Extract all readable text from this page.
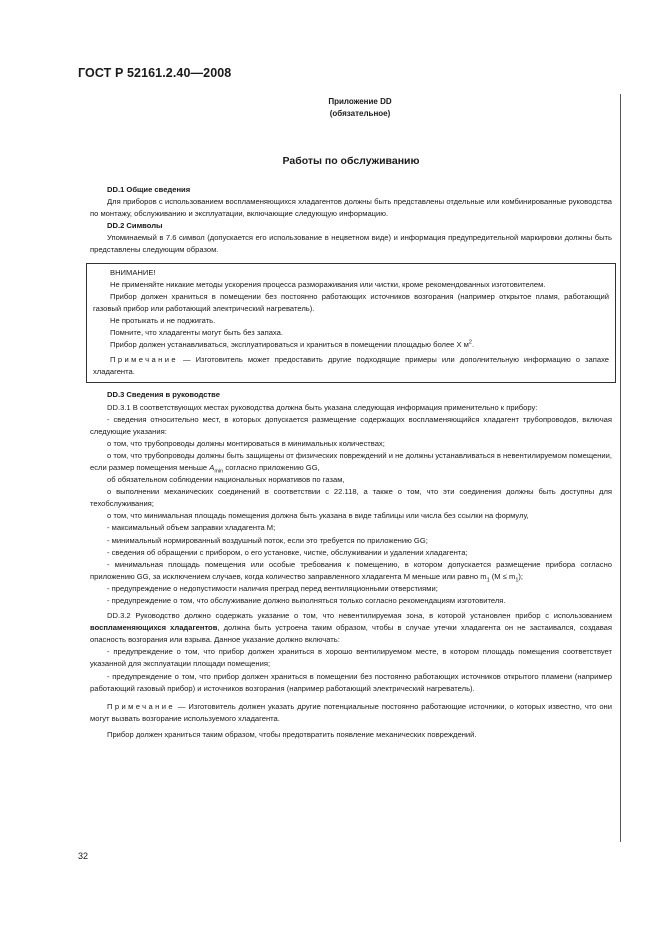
ГОСТ Р 52161.2.40—2008
Приложение DD
(обязательное)
Работы по обслуживанию

DD.1 Общие сведения

Для приборов с использованием воспламеняющихся хладагентов должны быть представлены отдельные или комбинированные руководства по монтажу, обслуживанию и эксплуатации, включающие следующую информацию.

DD.2 Символы

Упоминаемый в 7.6 символ (допускается его использование в нецветном виде) и информация предупредительной маркировки должны быть представлены следующим образом.

ВНИМАНИЕ!

Не применяйте никакие методы ускорения процесса размораживания или чистки, кроме рекомендованных изготовителем.

Прибор должен храниться в помещении без постоянно работающих источников возгорания (например открытое пламя, работающий газовый прибор или работающий электрический нагреватель).

Не протыкать и не поджигать.

Помните, что хладагенты могут быть без запаха.

Прибор должен устанавливаться, эксплуатироваться и храниться в помещении площадью более X $м^2$.

Примечание — Изготовитель может предоставить другие подходящие примеры или дополнительную информацию о запахе хладагента.

DD.3 Сведения в руководстве

DD.3.1 В соответствующих местах руководства должна быть указана следующая информация применительно к прибору:

- сведения относительно мест, в которых допускается размещение содержащих воспламеняющийся хладагент трубопроводов, включая следующие указания:

о том, что трубопроводы должны монтироваться в минимальных количествах;

о том, что трубопроводы должны быть защищены от физических повреждений и не должны устанавливаться в невентилируемом помещении, если размер помещения меньше $A_{min}$ согласно приложению GG,

об обязательном соблюдении национальных нормативов по газам,

о выполнении механических соединений в соответствии с 22.118, а также о том, что эти соединения должны быть доступны для техобслуживания;

о том, что минимальная площадь помещения должна быть указана в виде таблицы или числа без ссылки на формулу,

- максимальный объем заправки хладагента M;

- минимальный нормированный воздушный поток, если это требуется по приложению GG;

- сведения об обращении с прибором, о его установке, чистке, обслуживании и удалении хладагента;

- минимальная площадь помещения или особые требования к помещению, в котором допускается размещение прибора согласно приложению GG, за исключением случаев, когда количество заправленного хладагента M меньше или равно $m_1$ $(M \le m_1)$;

- предупреждение о недопустимости наличия преград перед вентиляционными отверстиями;

- предупреждение о том, что обслуживание должно выполняться только согласно рекомендациям изготовителя.

DD.3.2 Руководство должно содержать указание о том, что невентилируемая зона, в которой установлен прибор с использованием воспламеняющихся хладагентов, должна быть устроена таким образом, чтобы в случае утечки хладагента он не застаивался, создавая опасность возгорания или взрыва. Данное указание должно включать:

- предупреждение о том, что прибор должен храниться в хорошо вентилируемом месте, в котором площадь помещения соответствует указанной для эксплуатации площади помещения;

- предупреждение о том, что прибор должен храниться в помещении без постоянно работающих источников открытого пламени (например работающий газовый прибор) и источников возгорания (например работающий электрический нагреватель).

Примечание — Изготовитель должен указать другие потенциальные постоянно работающие источники, о которых известно, что они могут вызвать возгорание используемого хладагента.

Прибор должен храниться таким образом, чтобы предотвратить появление механических повреждений.

32
